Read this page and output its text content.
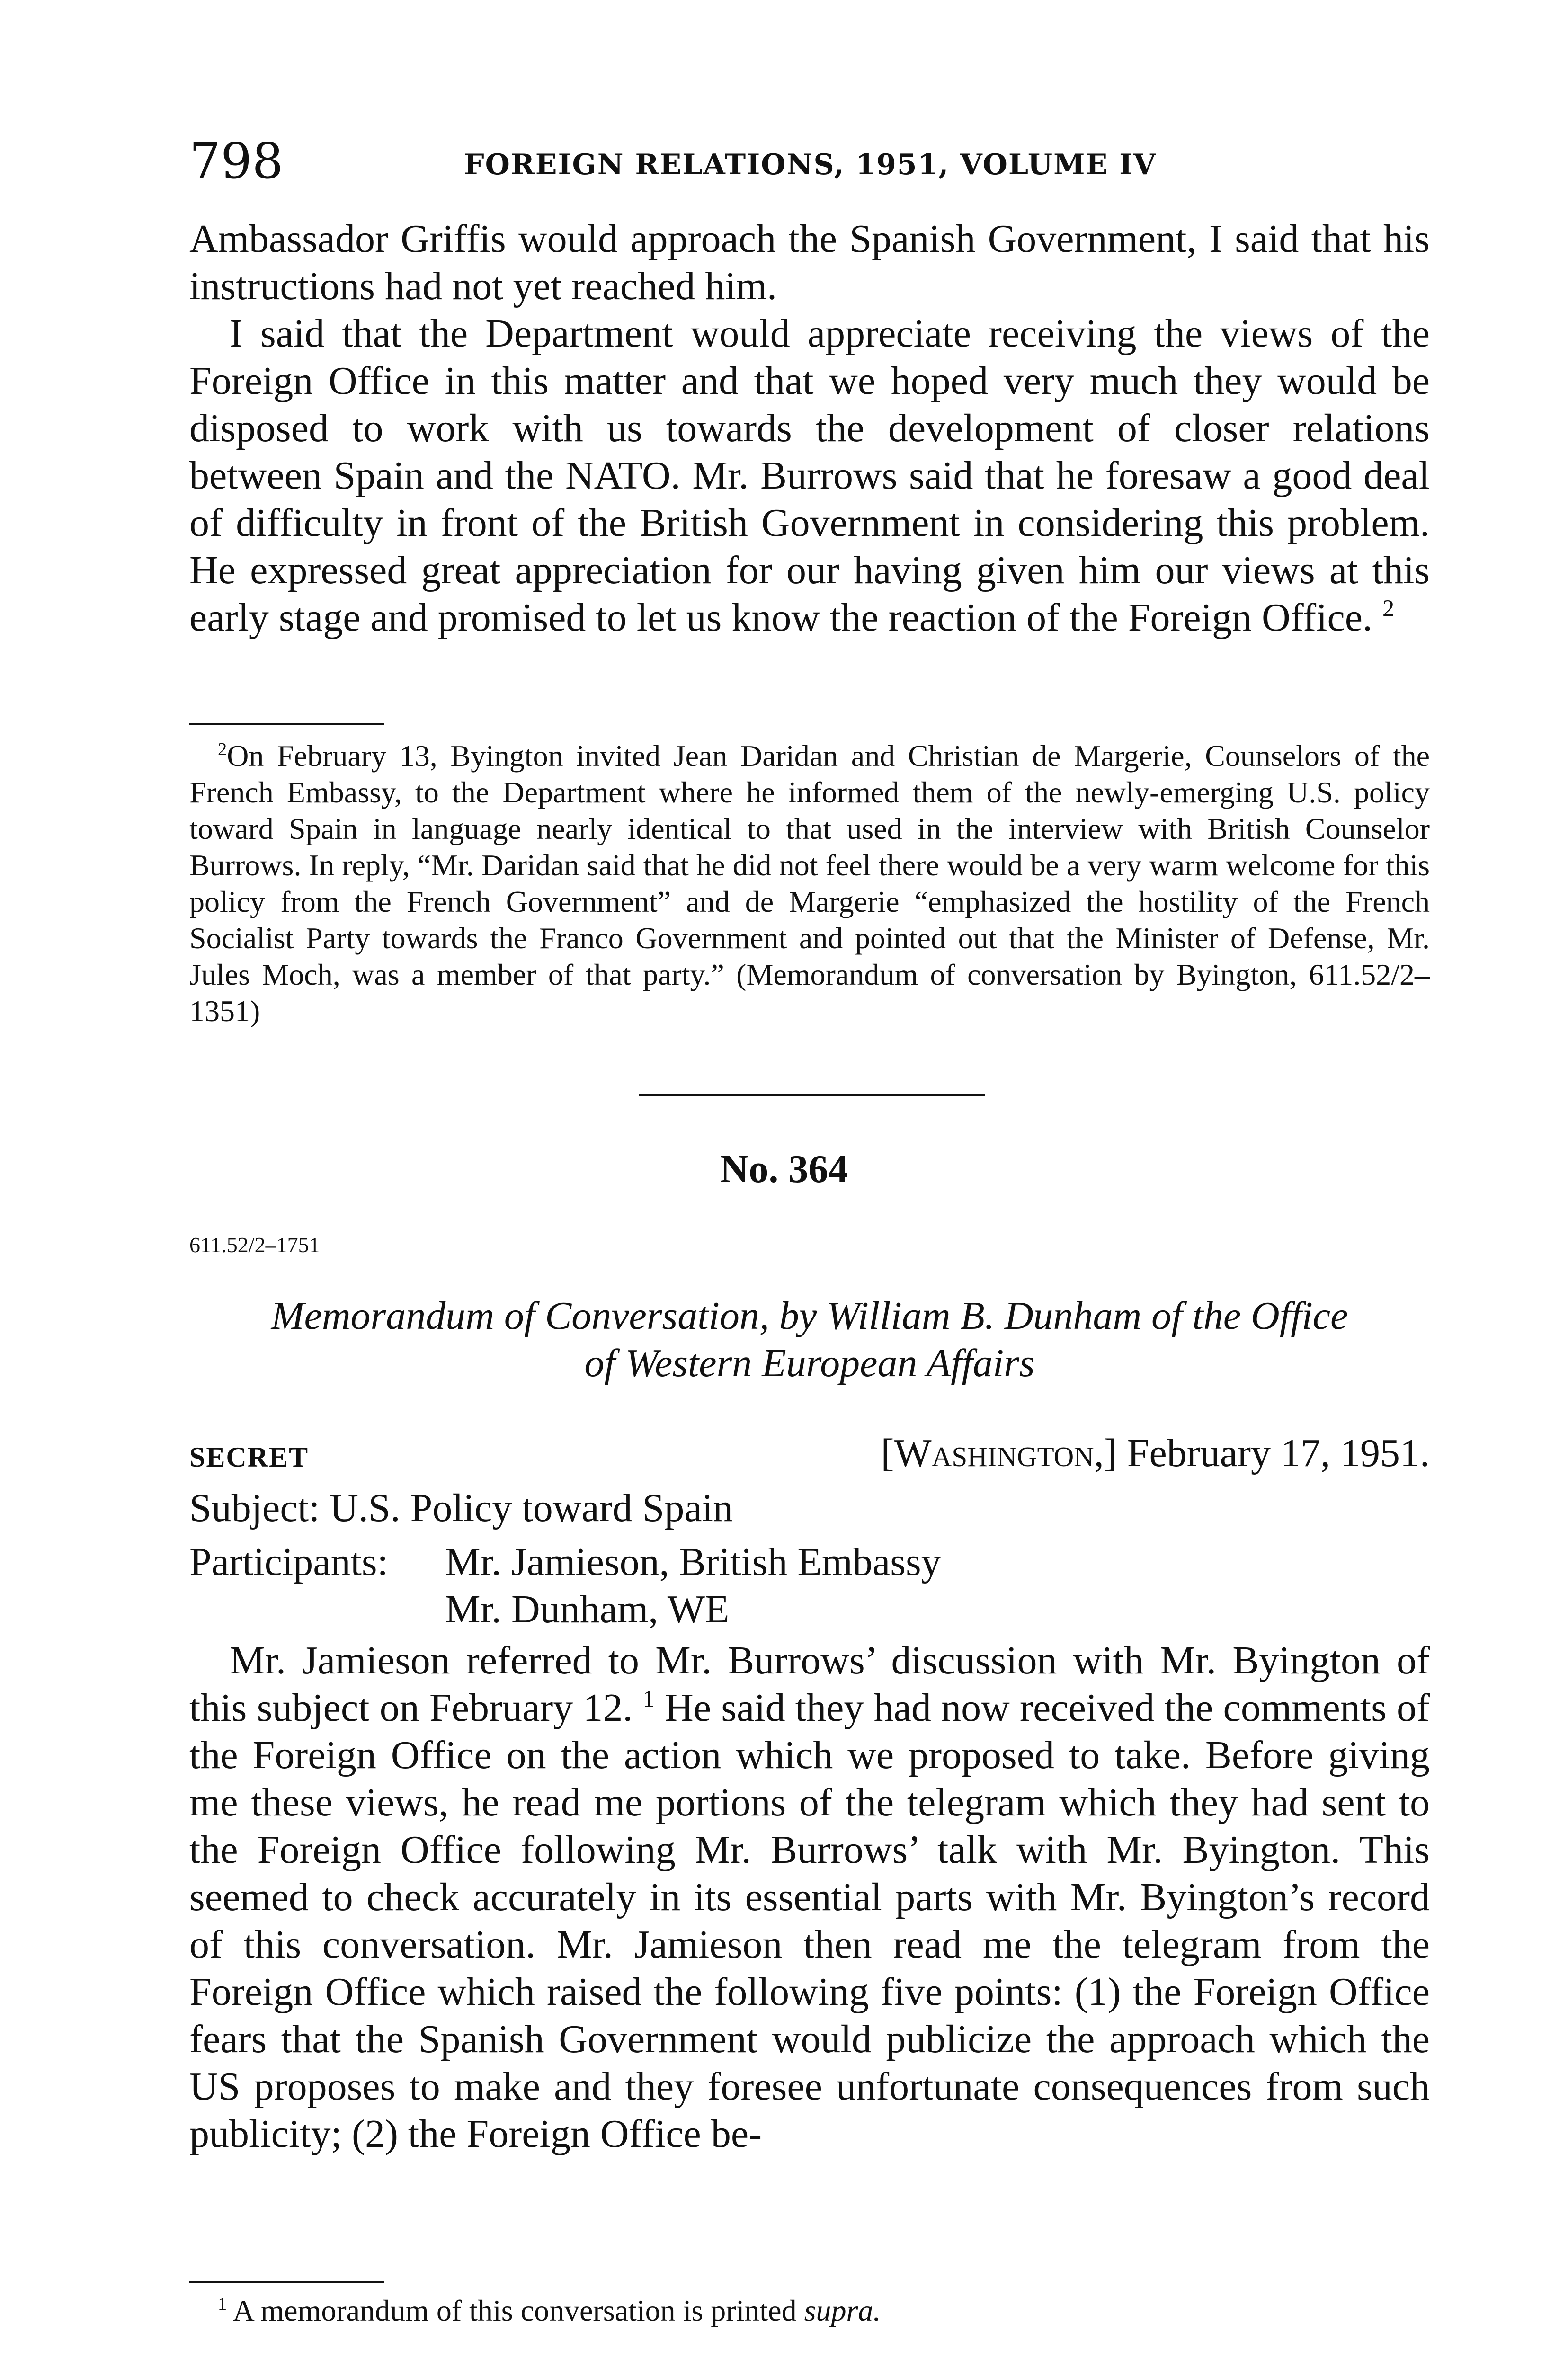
798	FOREIGN RELATIONS, 1951, VOLUME IV

Ambassador Griffis would approach the Spanish Government, I said that his instructions had not yet reached him.

I said that the Department would appreciate receiving the views of the Foreign Office in this matter and that we hoped very much they would be disposed to work with us towards the development of closer relations between Spain and the NATO. Mr. Burrows said that he foresaw a good deal of difficulty in front of the British Government in considering this problem. He expressed great appreciation for our having given him our views at this early stage and promised to let us know the reaction of the Foreign Office. $^2$

$^2$On February 13, Byington invited Jean Daridan and Christian de Margerie, Counselors of the French Embassy, to the Department where he informed them of the newly-emerging U.S. policy toward Spain in language nearly identical to that used in the interview with British Counselor Burrows. In reply, “Mr. Daridan said that he did not feel there would be a very warm welcome for this policy from the French Government” and de Margerie “emphasized the hostility of the French Socialist Party towards the Franco Government and pointed out that the Minister of Defense, Mr. Jules Moch, was a member of that party.” (Memorandum of conversation by Byington, 611.52/2–1351)
No. 364
611.52/2–1751
Memorandum of Conversation, by William B. Dunham of the Office
of Western European Affairs
SECRET	[Washington,] February 17, 1951.
Subject: U.S. Policy toward Spain
Participants: Mr. Jamieson, British Embassy
Mr. Dunham, WE

Mr. Jamieson referred to Mr. Burrows’ discussion with Mr. Byington of this subject on February 12. $^1$ He said they had now received the comments of the Foreign Office on the action which we proposed to take. Before giving me these views, he read me portions of the telegram which they had sent to the Foreign Office following Mr. Burrows’ talk with Mr. Byington. This seemed to check accurately in its essential parts with Mr. Byington’s record of this conversation. Mr. Jamieson then read me the telegram from the Foreign Office which raised the following five points: (1) the Foreign Office fears that the Spanish Government would publicize the approach which the US proposes to make and they foresee unfortunate consequences from such publicity; (2) the Foreign Office be-

$^1$ A memorandum of this conversation is printed supra.
